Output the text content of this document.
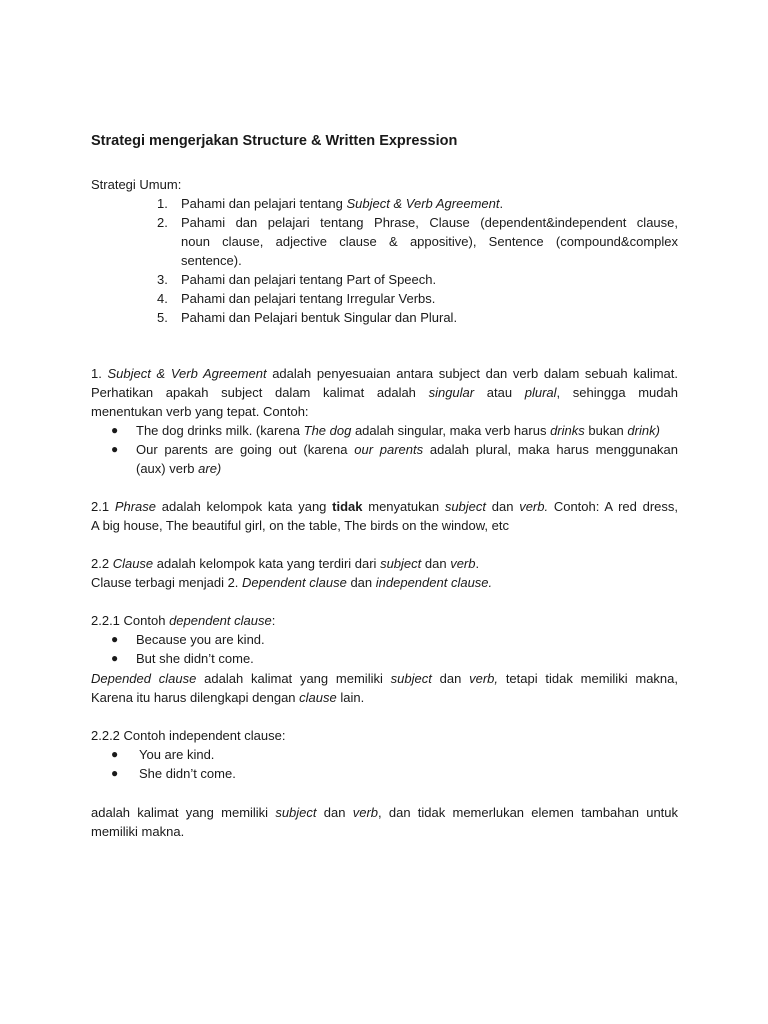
Strategi mengerjakan Structure & Written Expression
Strategi Umum:
1.	Pahami dan pelajari tentang Subject & Verb Agreement.
2.	Pahami dan pelajari tentang Phrase, Clause (dependent&independent clause,
noun clause, adjective clause & appositive), Sentence (compound&complex
sentence).
3.	Pahami dan pelajari tentang Part of Speech.
4.	Pahami dan pelajari tentang Irregular Verbs.
5.	Pahami dan Pelajari bentuk Singular dan Plural.
1. Subject & Verb Agreement adalah penyesuaian antara subject dan verb dalam sebuah kalimat.
Perhatikan apakah subject dalam kalimat adalah singular atau plural, sehingga mudah
menentukan verb yang tepat. Contoh:
●	The dog drinks milk. (karena The dog adalah singular, maka verb harus drinks bukan drink)
●	Our parents are going out (karena our parents adalah plural, maka harus menggunakan
(aux) verb are)
2.1 Phrase adalah kelompok kata yang tidak menyatukan subject dan verb. Contoh: A red dress,
A big house, The beautiful girl, on the table, The birds on the window, etc
2.2 Clause adalah kelompok kata yang terdiri dari subject dan verb.
Clause terbagi menjadi 2. Dependent clause dan independent clause.
2.2.1 Contoh dependent clause:
●	Because you are kind.
●	But she didn’t come.
Depended clause adalah kalimat yang memiliki subject dan verb, tetapi tidak memiliki makna,
Karena itu harus dilengkapi dengan clause lain.
2.2.2 Contoh independent clause:
●	You are kind.
●	She didn’t come.
adalah kalimat yang memiliki subject dan verb, dan tidak memerlukan elemen tambahan untuk
memiliki makna.
